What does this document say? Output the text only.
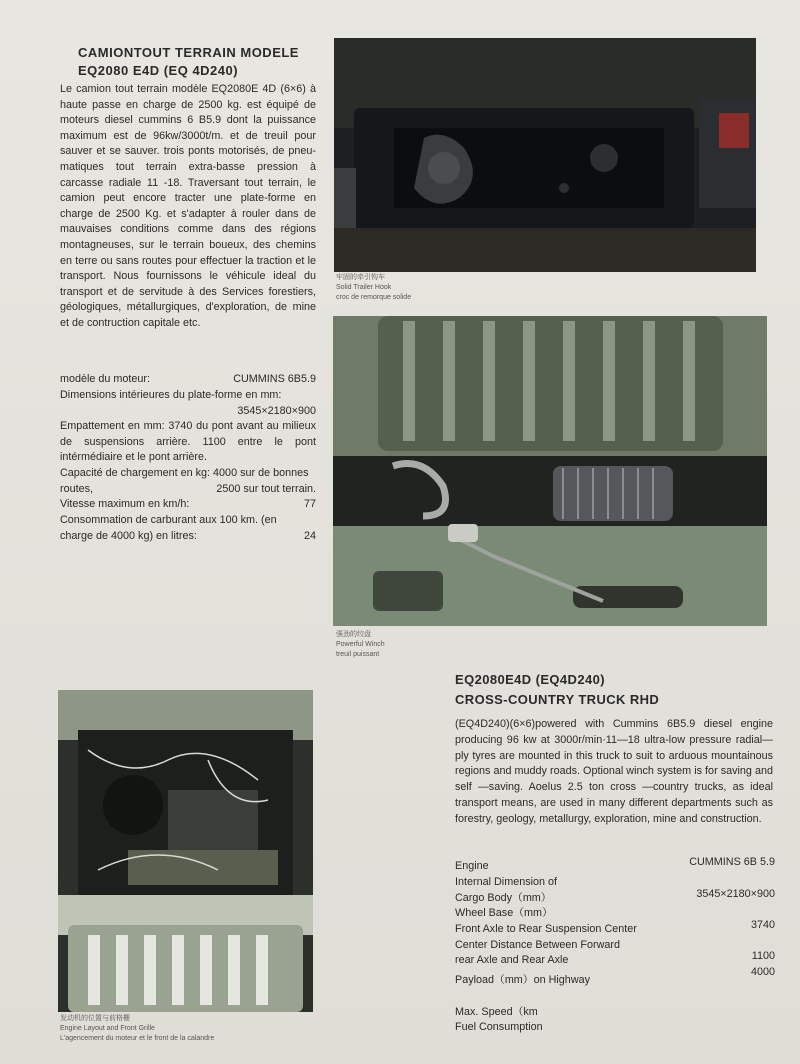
CAMIONTOUT TERRAIN MODELE
EQ2080 E4D (EQ 4D240)
Le camion tout terrain modèle EQ2080E 4D (6×6) à haute passe en charge de 2500 kg. est équipé de moteurs diesel cummins 6 B5.9 dont la puissance maximum est de 96kw/3000t/m. et de treuil pour sauver et se sauver. trois ponts motorisés, de pneu-matiques tout terrain extra-basse pression à carcasse radiale 11 -18. Traversant tout terrain, le camion peut encore tracter une plate-forme en charge de 2500 Kg. et s'adapter à rouler dans de mauvaises conditions comme dans des régions montagneuses, sur le terrain boueux, des chemins en terre ou sans routes pour effectuer la traction et le transport. Nous fournissons le véhicule ideal du transport et de servitude à des Services forestiers, géologiques, métallurgiques, d'exploration, de mine et de contruction capitale etc.
modèle du moteur:	CUMMINS 6B5.9
Dimensions intérieures du plate-forme en mm:
3545×2180×900
Empattement en mm: 3740 du pont avant au milieux de suspensions arrière. 1100 entre le pont intérmédiaire et le pont arrière.
Capacité de chargement en kg: 4000 sur de bonnes routes,	2500 sur tout terrain.
Vitesse maximum en km/h:	77
Consommation de carburant aux 100 km. (en charge de 4000 kg) en litres:	24
牢固的牵引钩车
Solid Trailer Hook
croc de remorque solide
强劲的绞盘
Powerful Winch
treuil puissant
发动机的位置与前格栅
Engine Layout and Front Grille
L'agencement du moteur et le front de la calandre
EQ2080E4D (EQ4D240)
CROSS-COUNTRY TRUCK RHD
(EQ4D240)(6×6)powered with Cummins 6B5.9 diesel engine producing 96 kw at 3000r/min·11—18 ultra-low pressure radial—ply tyres are mounted in this truck to suit to arduous mountainous regions and muddy roads. Optional winch system is for saving and self —saving. Aoelus 2.5 ton cross —country trucks, as ideal transport means, are used in many different departments such as forestry, geology, metallurgy, exploration, mine and construction.
Engine	CUMMINS 6B 5.9
Internal Dimension of
Cargo Body（mm）	3545×2180×900
Wheel Base（mm）
Front Axle to Rear Suspension Center	3740
Center Distance Between Forward
rear Axle and Rear Axle	1100
Payload（mm）on Highway
4000
Max. Speed（km
Fuel Consumption
